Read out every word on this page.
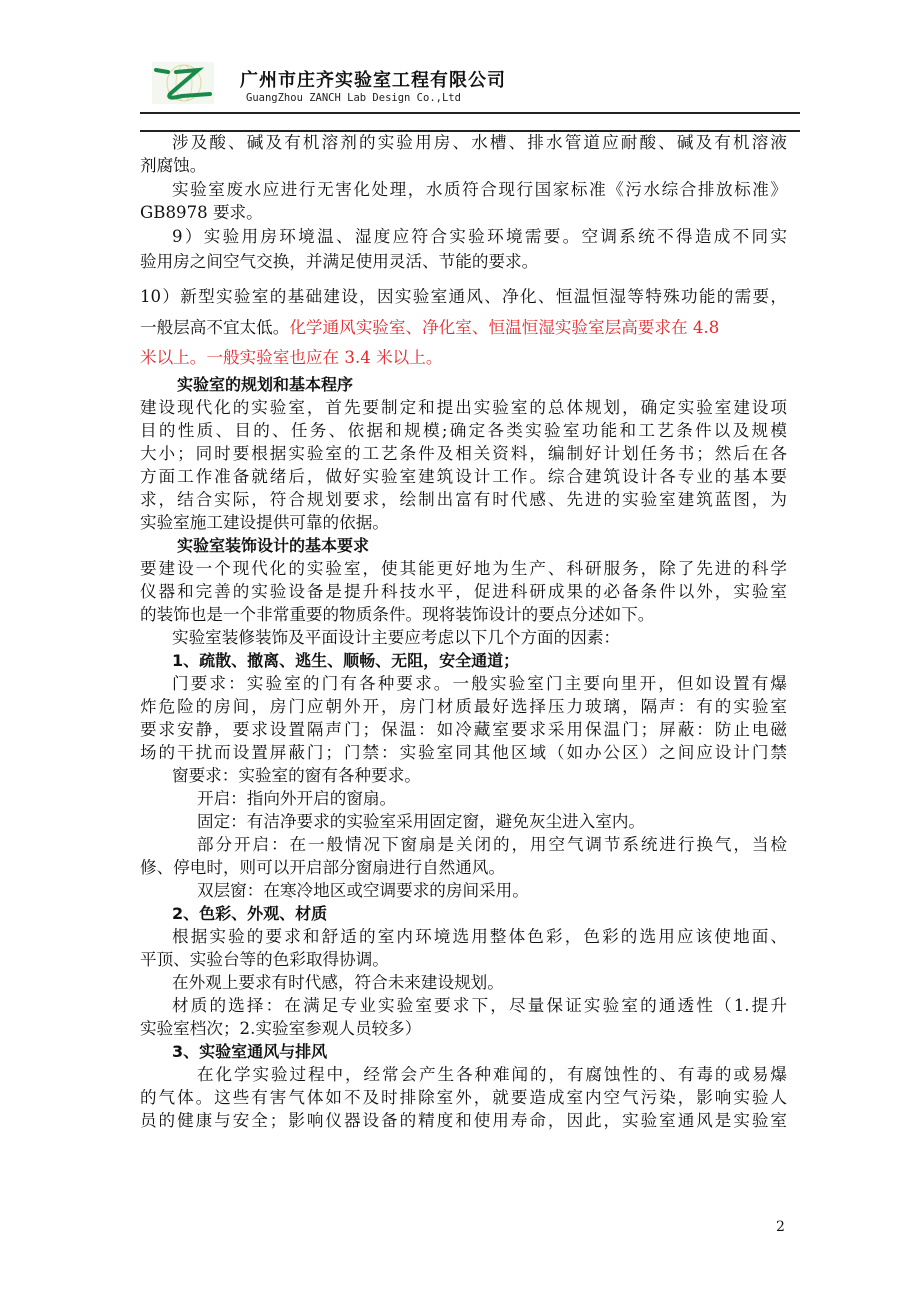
广州市庄齐实验室工程有限公司
GuangZhou ZANCH Lab Design Co.,Ltd
涉及酸、碱及有机溶剂的实验用房、水槽、排水管道应耐酸、碱及有机溶液
剂腐蚀。
实验室废水应进行无害化处理，水质符合现行国家标准《污水综合排放标准》
GB8978 要求。
9）实验用房环境温、湿度应符合实验环境需要。空调系统不得造成不同实
验用房之间空气交换，并满足使用灵活、节能的要求。
10）新型实验室的基础建设，因实验室通风、净化、恒温恒湿等特殊功能的需要，
一般层高不宜太低。化学通风实验室、净化室、恒温恒湿实验室层高要求在 4.8
米以上。一般实验室也应在 3.4 米以上。
实验室的规划和基本程序
建设现代化的实验室，首先要制定和提出实验室的总体规划，确定实验室建设项
目的性质、目的、任务、依据和规模;确定各类实验室功能和工艺条件以及规模
大小；同时要根据实验室的工艺条件及相关资料，编制好计划任务书；然后在各
方面工作准备就绪后，做好实验室建筑设计工作。综合建筑设计各专业的基本要
求，结合实际，符合规划要求，绘制出富有时代感、先进的实验室建筑蓝图，为
实验室施工建设提供可靠的依据。
实验室装饰设计的基本要求
要建设一个现代化的实验室，使其能更好地为生产、科研服务，除了先进的科学
仪器和完善的实验设备是提升科技水平，促进科研成果的必备条件以外，实验室
的装饰也是一个非常重要的物质条件。现将装饰设计的要点分述如下。
实验室装修装饰及平面设计主要应考虑以下几个方面的因素：
1、疏散、撤离、逃生、顺畅、无阻，安全通道；
门要求：实验室的门有各种要求。一般实验室门主要向里开，但如设置有爆
炸危险的房间，房门应朝外开，房门材质最好选择压力玻璃，隔声：有的实验室
要求安静，要求设置隔声门；保温：如冷藏室要求采用保温门；屏蔽：防止电磁
场的干扰而设置屏蔽门；门禁：实验室同其他区域（如办公区）之间应设计门禁
窗要求：实验室的窗有各种要求。
开启：指向外开启的窗扇。
固定：有洁净要求的实验室采用固定窗，避免灰尘进入室内。
部分开启：在一般情况下窗扇是关闭的，用空气调节系统进行换气，当检
修、停电时，则可以开启部分窗扇进行自然通风。
双层窗：在寒冷地区或空调要求的房间采用。
2、色彩、外观、材质
根据实验的要求和舒适的室内环境选用整体色彩，色彩的选用应该使地面、
平顶、实验台等的色彩取得协调。
在外观上要求有时代感，符合未来建设规划。
材质的选择：在满足专业实验室要求下，尽量保证实验室的通透性（1.提升
实验室档次；2.实验室参观人员较多）
3、实验室通风与排风
在化学实验过程中，经常会产生各种难闻的，有腐蚀性的、有毒的或易爆
的气体。这些有害气体如不及时排除室外，就要造成室内空气污染，影响实验人
员的健康与安全；影响仪器设备的精度和使用寿命，因此，实验室通风是实验室
2
